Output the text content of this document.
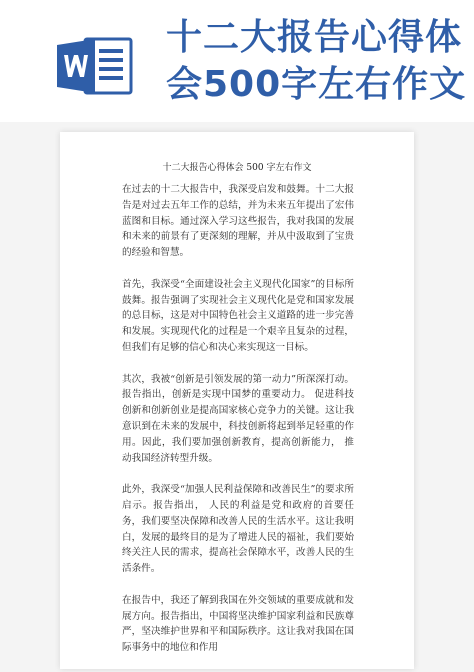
十二大报告心得体
会500字左右作文
十二大报告心得体会 500 字左右作文

在过去的十二大报告中，我深受启发和鼓舞。十二大报告是对过去五年工作的总结，并为未来五年提出了宏伟蓝图和目标。通过深入学习这些报告，我对我国的发展和未来的前景有了更深刻的理解，并从中汲取到了宝贵的经验和智慧。

首先，我深受“全面建设社会主义现代化国家”的目标所鼓舞。报告强调了实现社会主义现代化是党和国家发展的总目标，这是对中国特色社会主义道路的进一步完善和发展。实现现代化的过程是一个艰辛且复杂的过程，但我们有足够的信心和决心来实现这一目标。

其次，我被“创新是引领发展的第一动力”所深深打动。报告指出，创新是实现中国梦的重要动力。 促进科技创新和创新创业是提高国家核心竞争力的关键。这让我意识到在未来的发展中，科技创新将起到举足轻重的作用。因此，我们要加强创新教育，提高创新能力， 推动我国经济转型升级。

此外，我深受“加强人民利益保障和改善民生”的要求所启示。报告指出， 人民的利益是党和政府的首要任务，我们要坚决保障和改善人民的生活水平。这让我明白，发展的最终目的是为了增进人民的福祉，我们要始终关注人民的需求，提高社会保障水平，改善人民的生活条件。

在报告中，我还了解到我国在外交领域的重要成就和发展方向。报告指出，中国将坚决维护国家利益和民族尊严，坚决维护世界和平和国际秩序。这让我对我国在国际事务中的地位和作用
